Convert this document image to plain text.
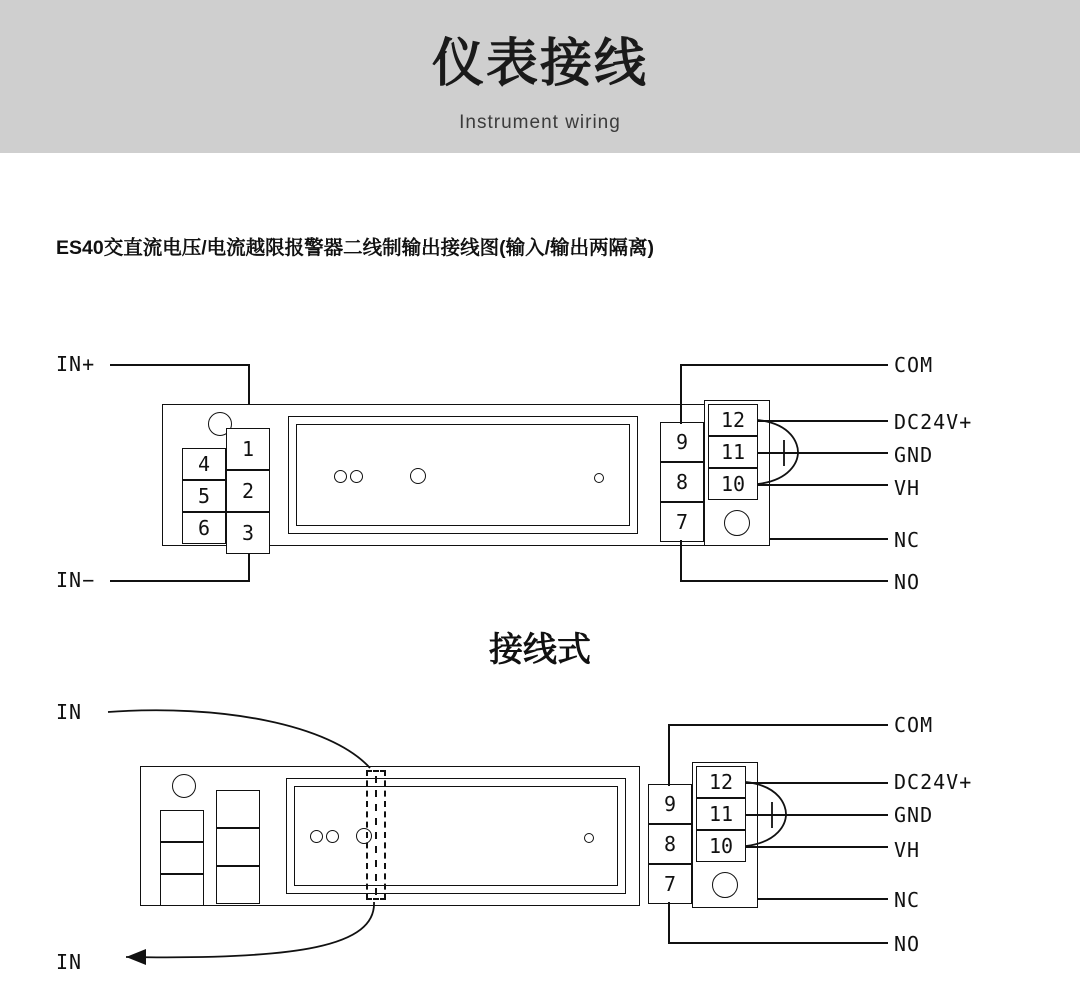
仪表接线
Instrument wiring
ES40交直流电压/电流越限报警器二线制输出接线图(输入/输出两隔离)
接线式
IN+
IN−
4
5
6
1
2
3
9
8
7
12
11
10
COM
DC24V+
GND
VH
NC
NO
IN
IN
9
8
7
12
11
10
COM
DC24V+
GND
VH
NC
NO
